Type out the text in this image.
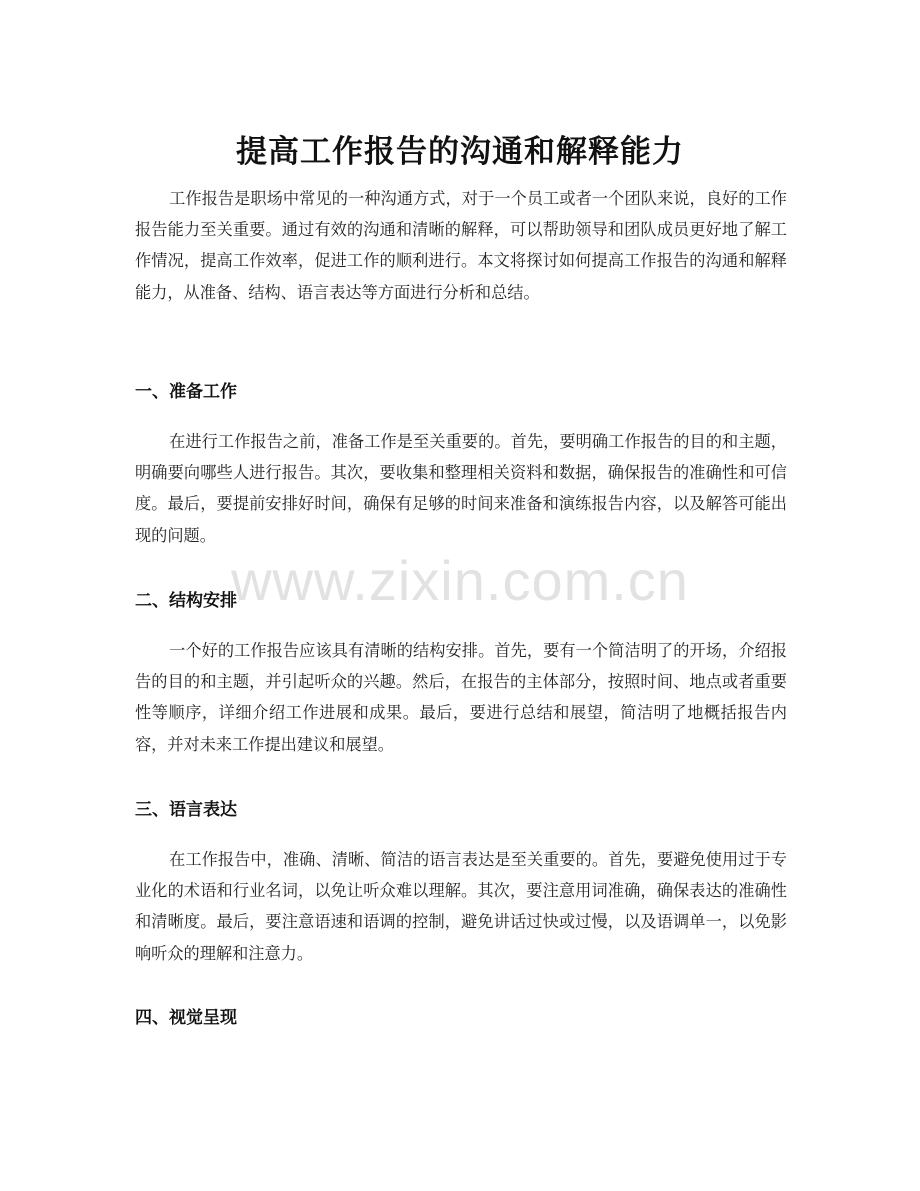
提高工作报告的沟通和解释能力

工作报告是职场中常见的一种沟通方式，对于一个员工或者一个团队来说，良好的工作报告能力至关重要。通过有效的沟通和清晰的解释，可以帮助领导和团队成员更好地了解工作情况，提高工作效率，促进工作的顺利进行。本文将探讨如何提高工作报告的沟通和解释能力，从准备、结构、语言表达等方面进行分析和总结。

一、准备工作

在进行工作报告之前，准备工作是至关重要的。首先，要明确工作报告的目的和主题，明确要向哪些人进行报告。其次，要收集和整理相关资料和数据，确保报告的准确性和可信度。最后，要提前安排好时间，确保有足够的时间来准备和演练报告内容，以及解答可能出现的问题。

二、结构安排

一个好的工作报告应该具有清晰的结构安排。首先，要有一个简洁明了的开场，介绍报告的目的和主题，并引起听众的兴趣。然后，在报告的主体部分，按照时间、地点或者重要性等顺序，详细介绍工作进展和成果。最后，要进行总结和展望，简洁明了地概括报告内容，并对未来工作提出建议和展望。

三、语言表达

在工作报告中，准确、清晰、简洁的语言表达是至关重要的。首先，要避免使用过于专业化的术语和行业名词，以免让听众难以理解。其次，要注意用词准确，确保表达的准确性和清晰度。最后，要注意语速和语调的控制，避免讲话过快或过慢，以及语调单一，以免影响听众的理解和注意力。

四、视觉呈现
www.zixin.com.cn
